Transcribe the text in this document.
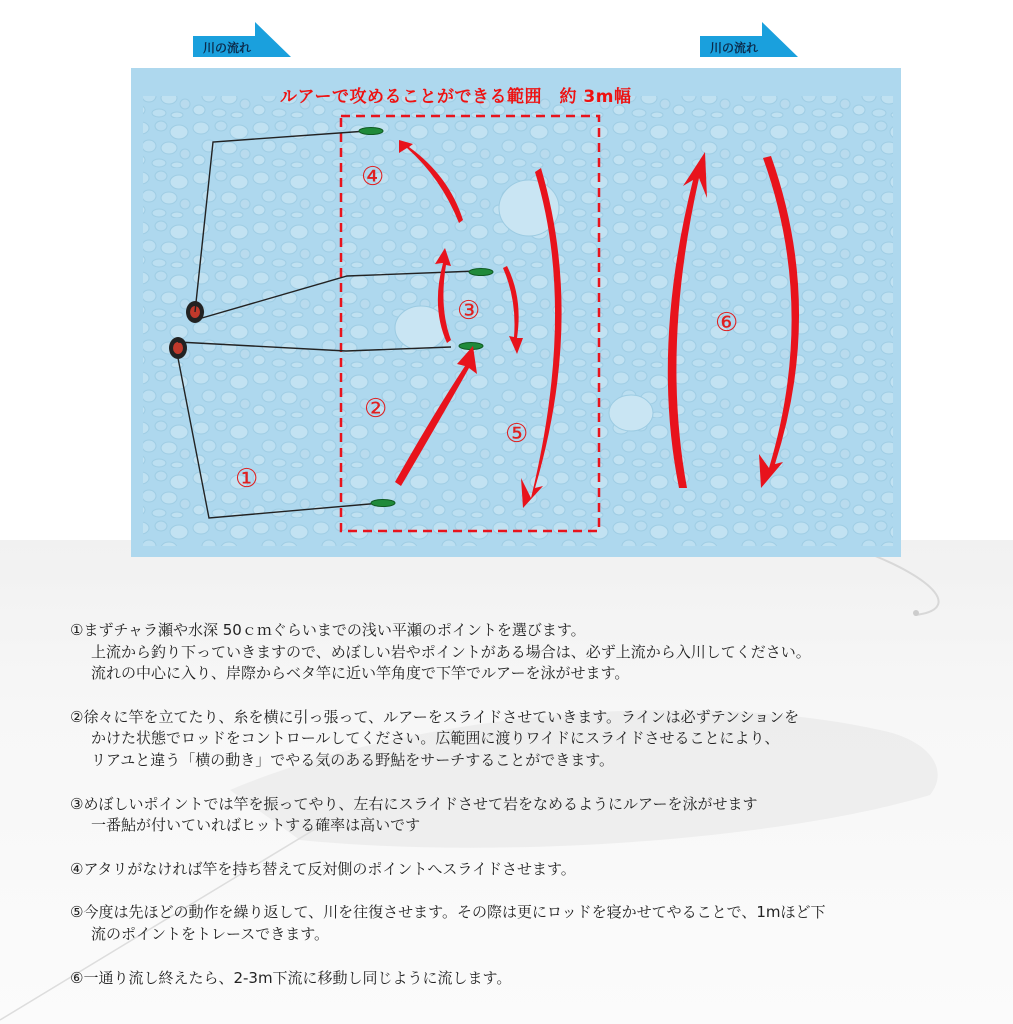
川の流れ	川の流れ
ルアーで攻めることができる範囲　約 3m幅
①
②
③
④
⑤
⑥

①まずチャラ瀬や水深 50ｃｍぐらいまでの浅い平瀬のポイントを選びます。

上流から釣り下っていきますので、めぼしい岩やポイントがある場合は、必ず上流から入川してください。

流れの中心に入り、岸際からベタ竿に近い竿角度で下竿でルアーを泳がせます。

②徐々に竿を立てたり、糸を横に引っ張って、ルアーをスライドさせていきます。ラインは必ずテンションを

かけた状態でロッドをコントロールしてください。広範囲に渡りワイドにスライドさせることにより、

リアユと違う「横の動き」でやる気のある野鮎をサーチすることができます。

③めぼしいポイントでは竿を振ってやり、左右にスライドさせて岩をなめるようにルアーを泳がせます

一番鮎が付いていればヒットする確率は高いです

④アタリがなければ竿を持ち替えて反対側のポイントへスライドさせます。

⑤今度は先ほどの動作を繰り返して、川を往復させます。その際は更にロッドを寝かせてやることで、1mほど下

流のポイントをトレースできます。

⑥一通り流し終えたら、2-3m下流に移動し同じように流します。
